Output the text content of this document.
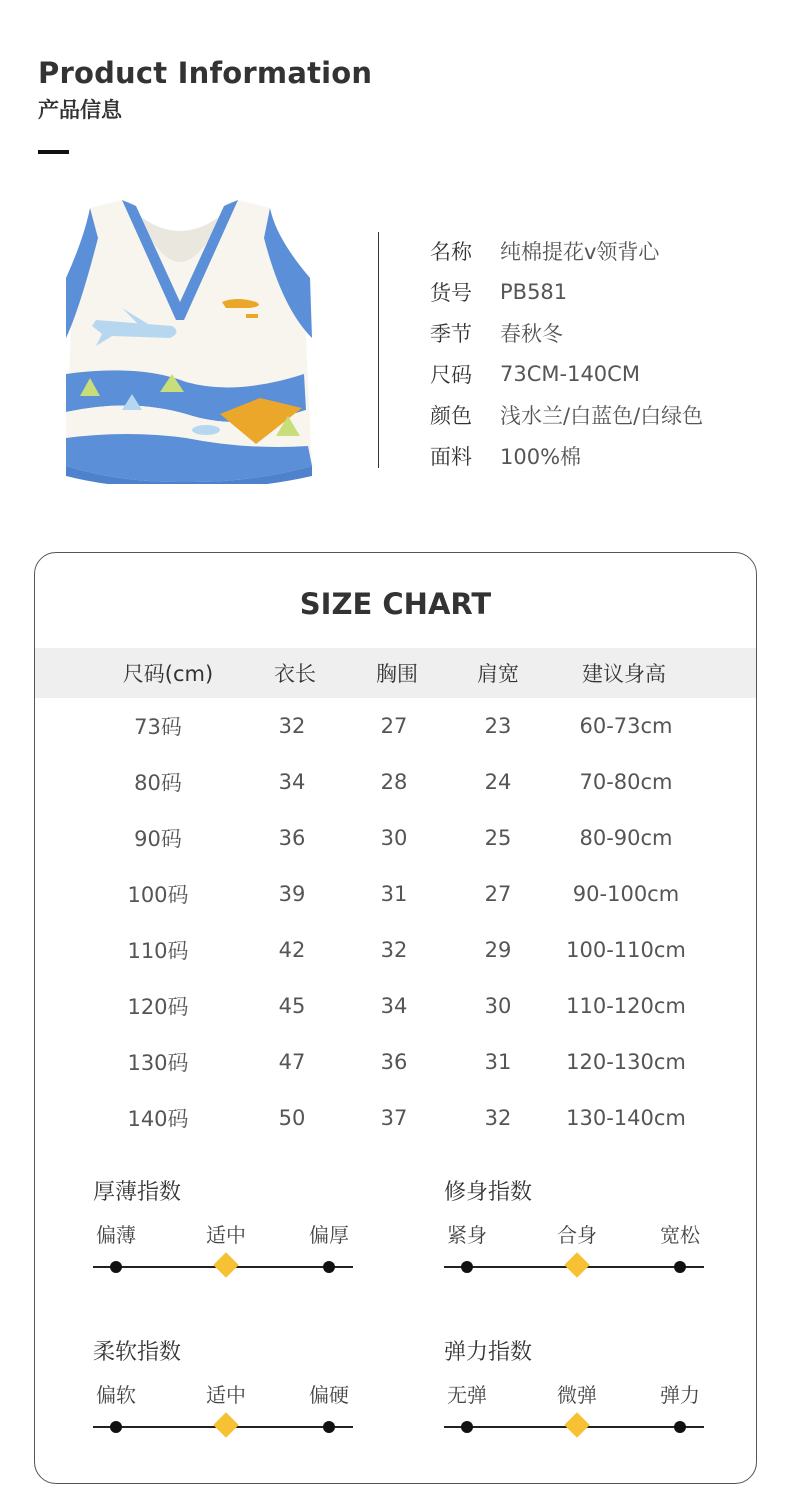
Product Information
产品信息
名称	纯棉提花v领背心
货号	PB581
季节	春秋冬
尺码	73CM-140CM
颜色	浅水兰/白蓝色/白绿色
面料	100%棉
SIZE CHART
尺码(cm)	衣长	胸围	肩宽	建议身高
73码	32	27	23	60-73cm
80码	34	28	24	70-80cm
90码	36	30	25	80-90cm
100码	39	31	27	90-100cm
110码	42	32	29	100-110cm
120码	45	34	30	110-120cm
130码	47	36	31	120-130cm
140码	50	37	32	130-140cm
厚薄指数
偏薄	适中	偏厚
修身指数
紧身	合身	宽松
柔软指数
偏软	适中	偏硬
弹力指数
无弹	微弹	弹力
